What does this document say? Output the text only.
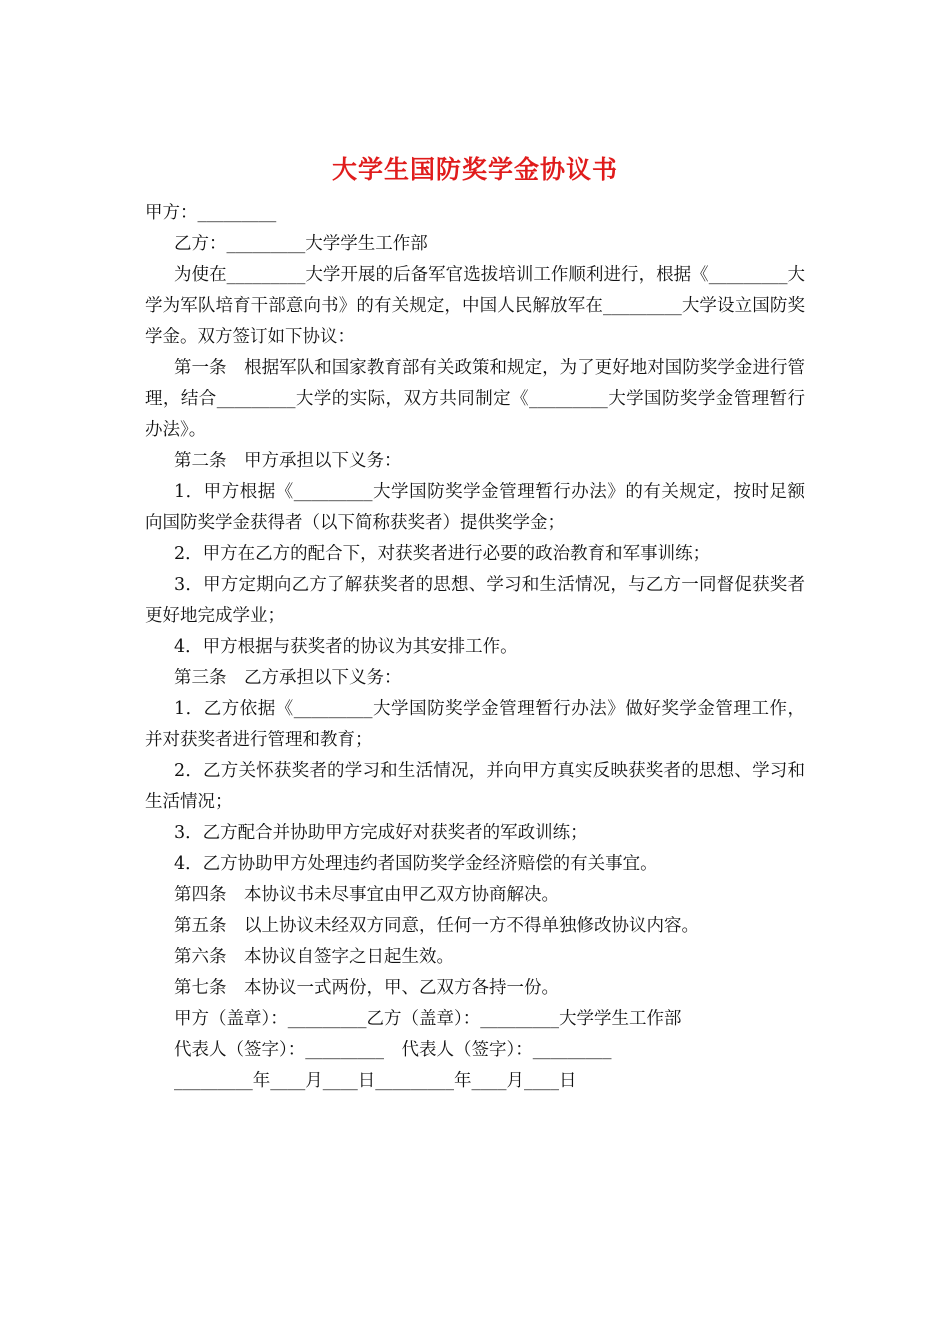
大学生国防奖学金协议书

甲方：_________

乙方：_________大学学生工作部

为使在_________大学开展的后备军官选拔培训工作顺利进行，根据《_________大学为军队培育干部意向书》的有关规定，中国人民解放军在_________大学设立国防奖学金。双方签订如下协议：

第一条　根据军队和国家教育部有关政策和规定，为了更好地对国防奖学金进行管理，结合_________大学的实际，双方共同制定《_________大学国防奖学金管理暂行办法》。

第二条　甲方承担以下义务：

1．甲方根据《_________大学国防奖学金管理暂行办法》的有关规定，按时足额向国防奖学金获得者（以下简称获奖者）提供奖学金；

2．甲方在乙方的配合下，对获奖者进行必要的政治教育和军事训练；

3．甲方定期向乙方了解获奖者的思想、学习和生活情况，与乙方一同督促获奖者更好地完成学业；

4．甲方根据与获奖者的协议为其安排工作。

第三条　乙方承担以下义务：

1．乙方依据《_________大学国防奖学金管理暂行办法》做好奖学金管理工作，并对获奖者进行管理和教育；

2．乙方关怀获奖者的学习和生活情况，并向甲方真实反映获奖者的思想、学习和生活情况；

3．乙方配合并协助甲方完成好对获奖者的军政训练；

4．乙方协助甲方处理违约者国防奖学金经济赔偿的有关事宜。

第四条　本协议书未尽事宜由甲乙双方协商解决。

第五条　以上协议未经双方同意，任何一方不得单独修改协议内容。

第六条　本协议自签字之日起生效。

第七条　本协议一式两份，甲、乙双方各持一份。

甲方（盖章）：_________乙方（盖章）：_________大学学生工作部

代表人（签字）：_________　代表人（签字）：_________

_________年____月____日_________年____月____日
